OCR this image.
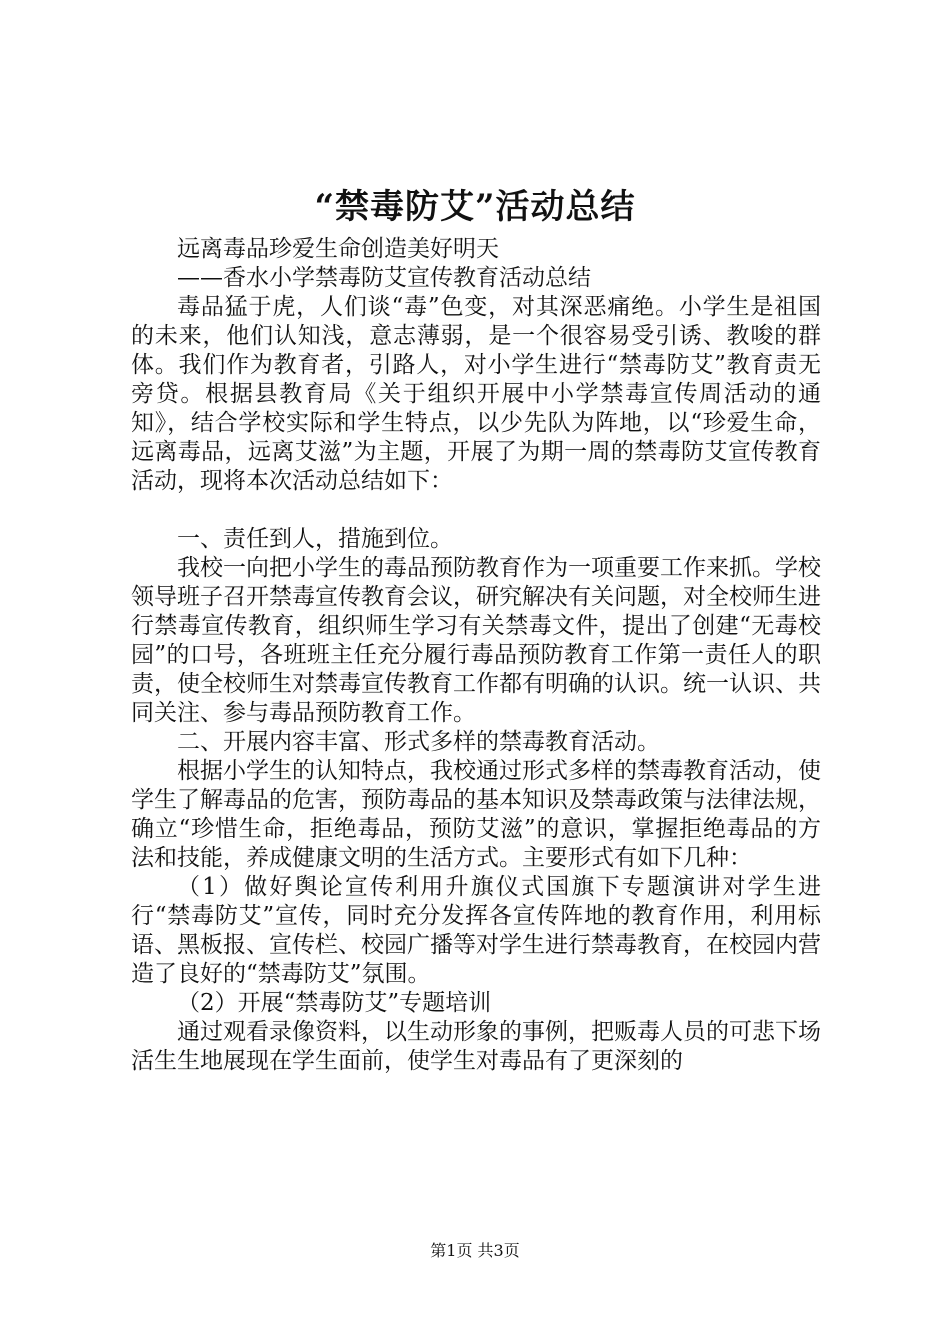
“禁毒防艾”活动总结

远离毒品珍爱生命创造美好明天

——香水小学禁毒防艾宣传教育活动总结

毒品猛于虎，人们谈“毒”色变，对其深恶痛绝。小学生是祖国的未来，他们认知浅，意志薄弱，是一个很容易受引诱、教唆的群体。我们作为教育者，引路人，对小学生进行“禁毒防艾”教育责无旁贷。根据县教育局《关于组织开展中小学禁毒宣传周活动的通知》，结合学校实际和学生特点，以少先队为阵地，以“珍爱生命，远离毒品，远离艾滋”为主题，开展了为期一周的禁毒防艾宣传教育活动，现将本次活动总结如下：

一、责任到人，措施到位。

我校一向把小学生的毒品预防教育作为一项重要工作来抓。学校领导班子召开禁毒宣传教育会议，研究解决有关问题，对全校师生进行禁毒宣传教育，组织师生学习有关禁毒文件，提出了创建“无毒校园”的口号，各班班主任充分履行毒品预防教育工作第一责任人的职责，使全校师生对禁毒宣传教育工作都有明确的认识。统一认识、共同关注、参与毒品预防教育工作。

二、开展内容丰富、形式多样的禁毒教育活动。

根据小学生的认知特点，我校通过形式多样的禁毒教育活动，使学生了解毒品的危害，预防毒品的基本知识及禁毒政策与法律法规，确立“珍惜生命，拒绝毒品，预防艾滋”的意识，掌握拒绝毒品的方法和技能，养成健康文明的生活方式。主要形式有如下几种：

（1）做好舆论宣传利用升旗仪式国旗下专题演讲对学生进行“禁毒防艾”宣传，同时充分发挥各宣传阵地的教育作用，利用标语、黑板报、宣传栏、校园广播等对学生进行禁毒教育，在校园内营造了良好的“禁毒防艾”氛围。

（2）开展“禁毒防艾”专题培训

通过观看录像资料，以生动形象的事例，把贩毒人员的可悲下场活生生地展现在学生面前，使学生对毒品有了更深刻的

第1页 共3页
